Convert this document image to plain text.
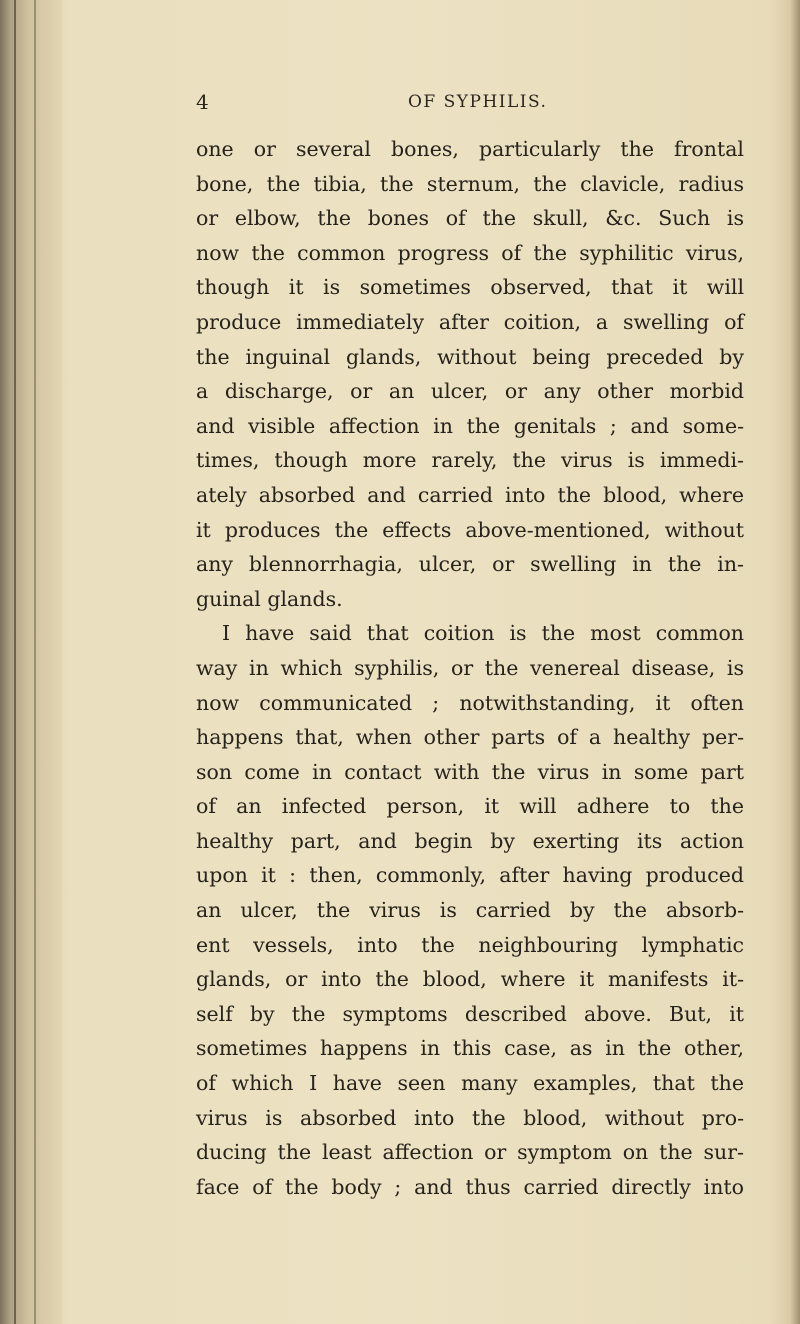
4	OF SYPHILIS.
one or several bones, particularly the frontal
bone, the tibia, the sternum, the clavicle, radius
or elbow, the bones of the skull, &c. Such is
now the common progress of the syphilitic virus,
though it is sometimes observed, that it will
produce immediately after coition, a swelling of
the inguinal glands, without being preceded by
a discharge, or an ulcer, or any other morbid
and visible affection in the genitals ; and some-
times, though more rarely, the virus is immedi-
ately absorbed and carried into the blood, where
it produces the effects above-mentioned, without
any blennorrhagia, ulcer, or swelling in the in-
guinal glands.
I have said that coition is the most common
way in which syphilis, or the venereal disease, is
now communicated ; notwithstanding, it often
happens that, when other parts of a healthy per-
son come in contact with the virus in some part
of an infected person, it will adhere to the
healthy part, and begin by exerting its action
upon it : then, commonly, after having produced
an ulcer, the virus is carried by the absorb-
ent vessels, into the neighbouring lymphatic
glands, or into the blood, where it manifests it-
self by the symptoms described above. But, it
sometimes happens in this case, as in the other,
of which I have seen many examples, that the
virus is absorbed into the blood, without pro-
ducing the least affection or symptom on the sur-
face of the body ; and thus carried directly into
